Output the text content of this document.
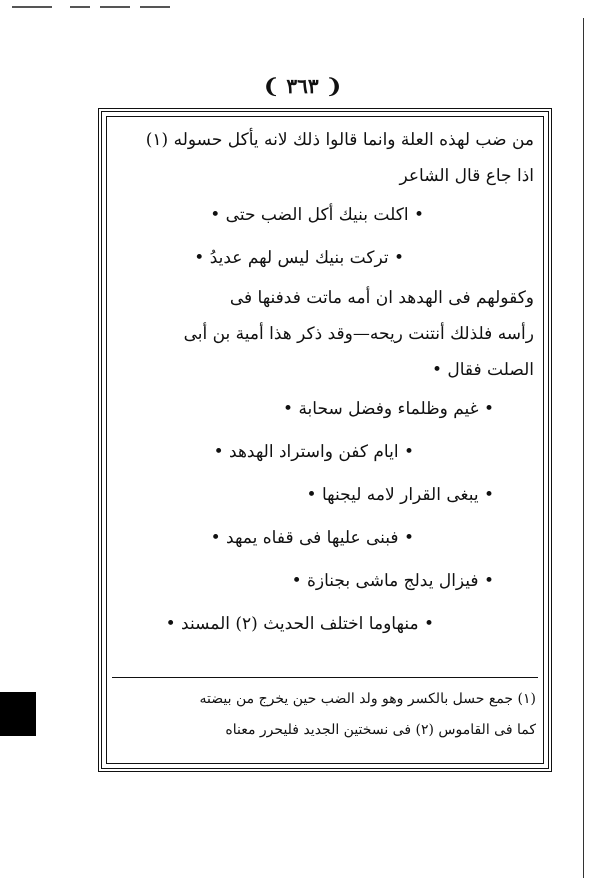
❨ ٣٦٣ ❩
من ضب لهذه العلة وانما قالوا ذلك لانه يأكل حسوله (١)
اذا جاع قال الشاعر
• اكلت بنيك أكل الضب حتى •
• تركت بنيك ليس لهم عديدُ •
وكقولهم فى الهدهد ان أمه ماتت فدفنها فى
رأسه فلذلك أنتنت ريحه—وقد ذكر هذا أمية بن أبى
الصلت فقال •
• غيم وظلماء وفضل سحابة •
• ايام كفن واستراد الهدهد •
• يبغى القرار لامه ليجنها •
• فبنى عليها فى قفاه يمهد •
• فيزال يدلج ماشى بجنازة •
• منهاوما اختلف الحديث (٢) المسند •
(١) جمع حسل بالكسر وهو ولد الضب حين يخرج من بيضته
كما فى القاموس (٢) فى نسختين الجديد فليحرر معناه
